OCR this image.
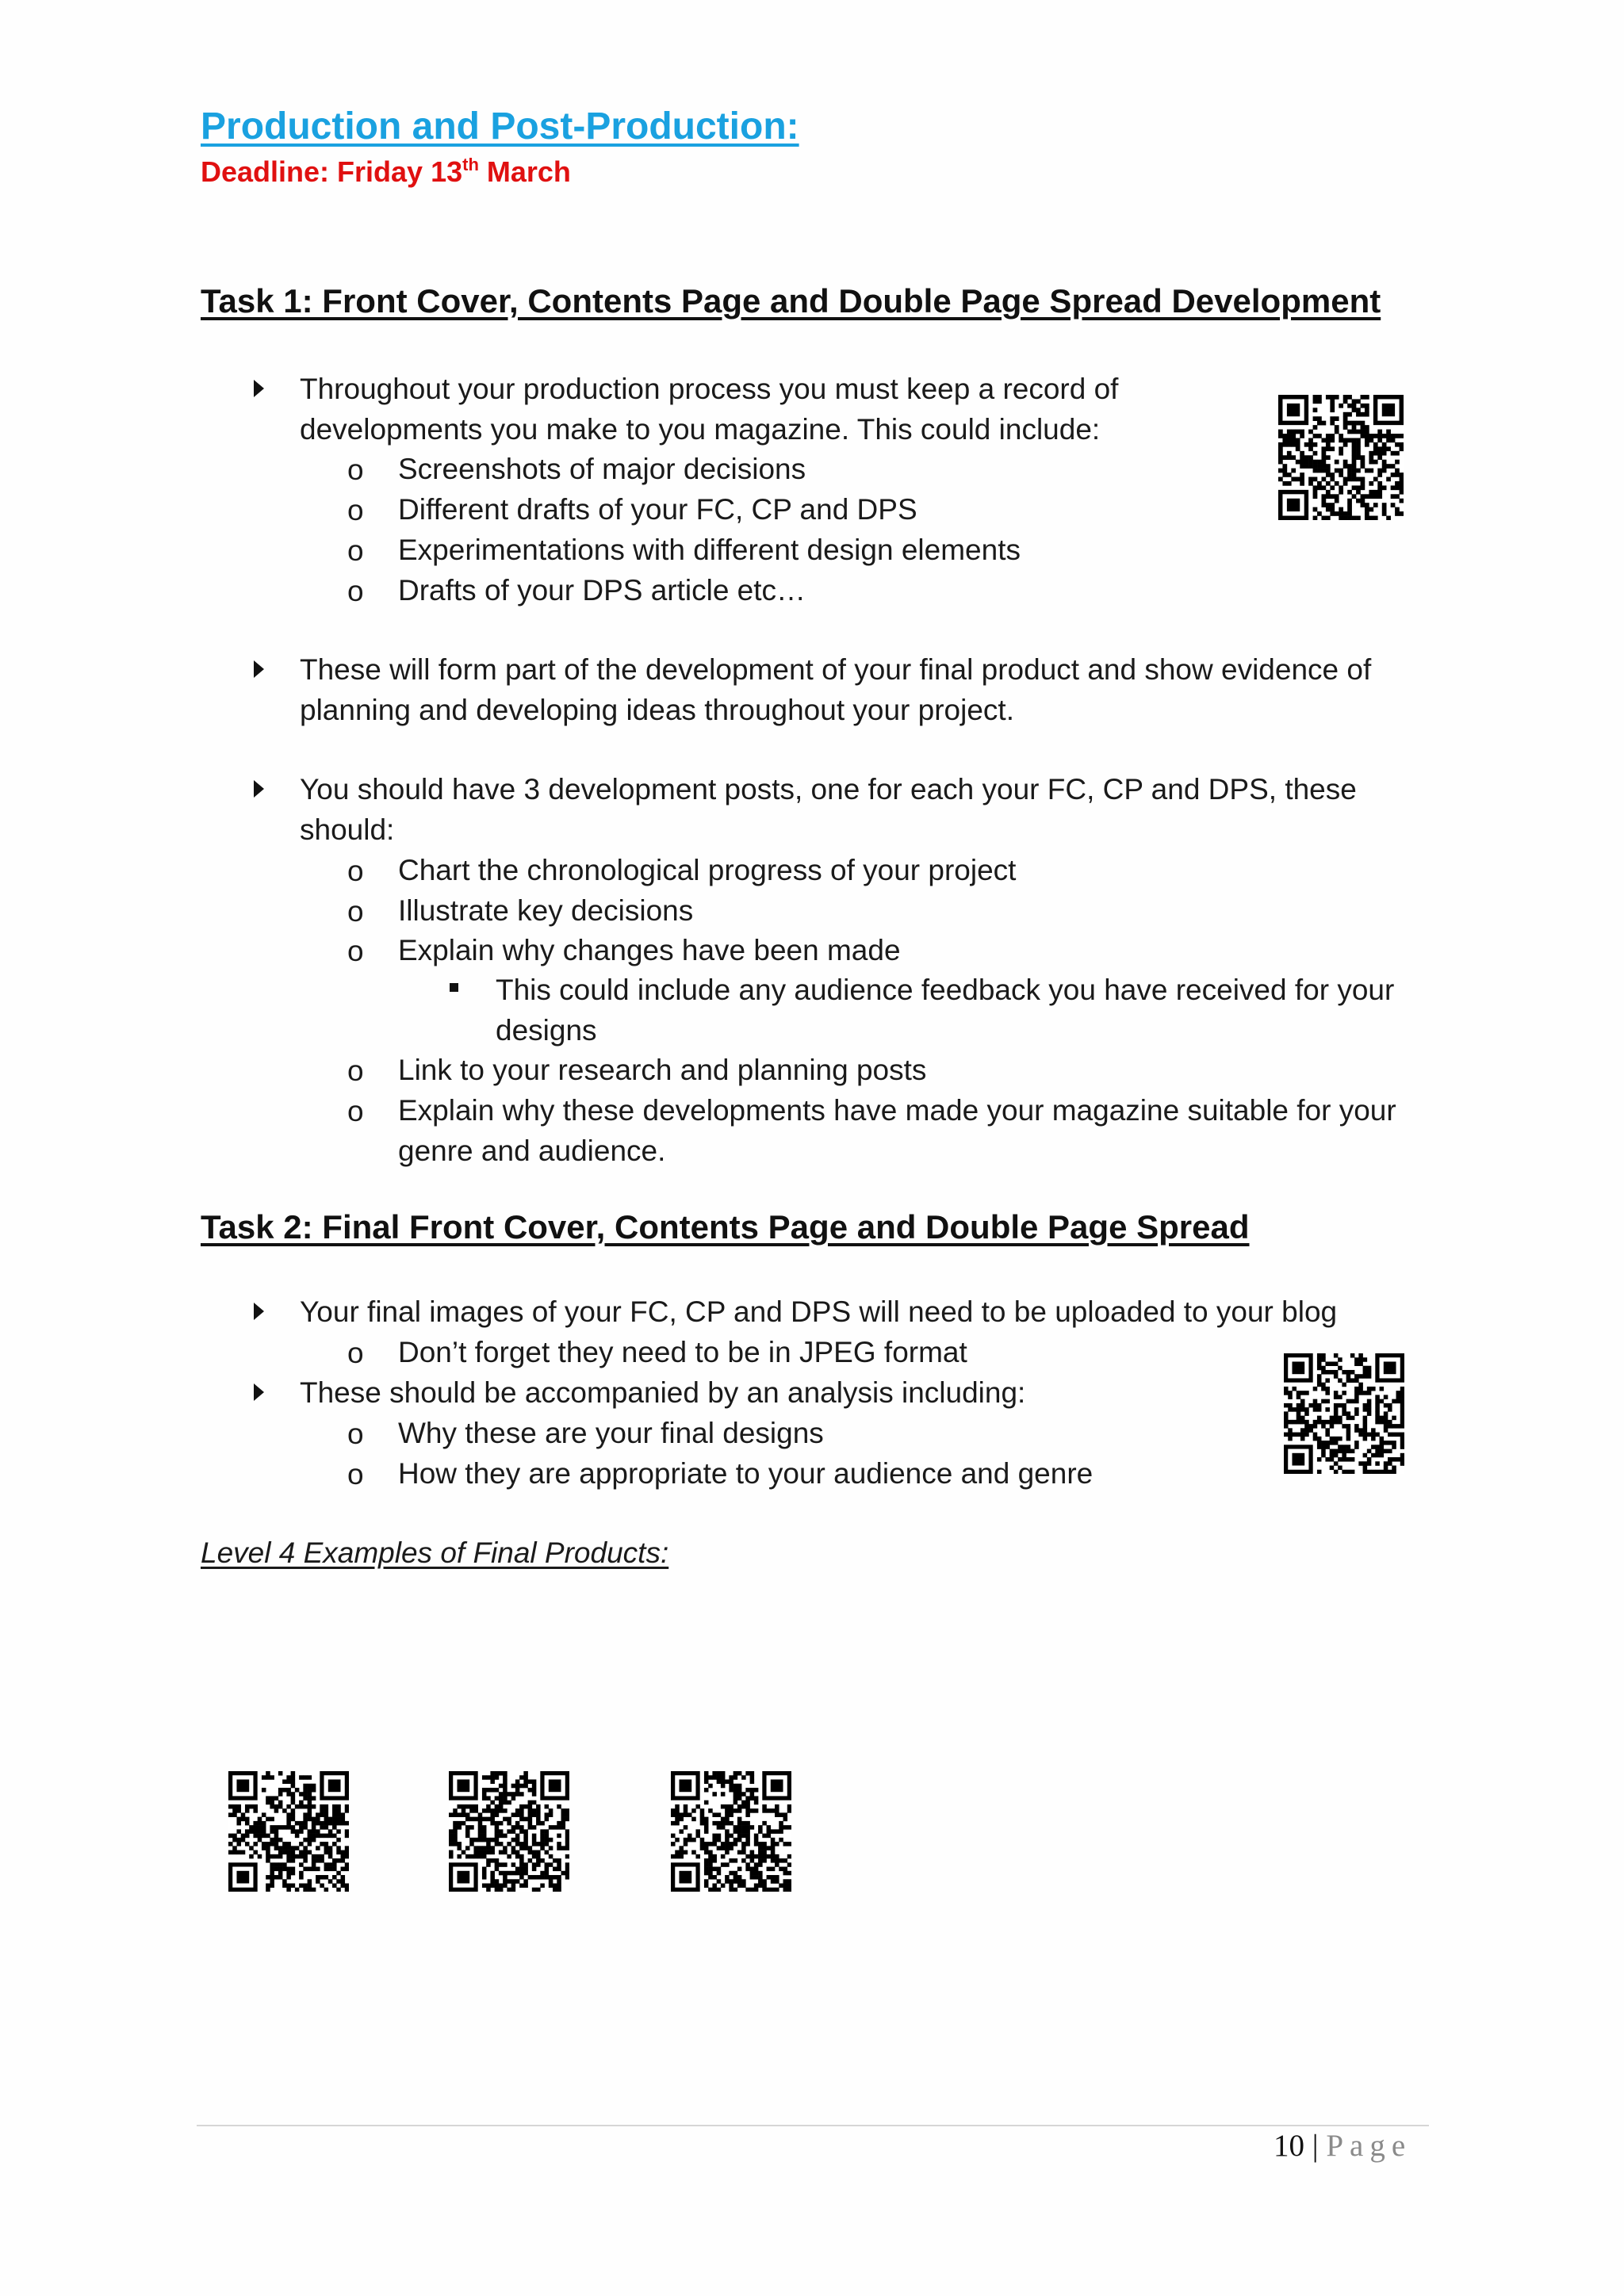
Production and Post-Production:
Deadline: Friday 13th March
Task 1: Front Cover, Contents Page and Double Page Spread Development
Throughout your production process you must keep a record of
developments you make to you magazine. This could include:
o Screenshots of major decisions
o Different drafts of your FC, CP and DPS
o Experimentations with different design elements
o Drafts of your DPS article etc…
These will form part of the development of your final product and show evidence of
planning and developing ideas throughout your project.
You should have 3 development posts, one for each your FC, CP and DPS, these
should:
o Chart the chronological progress of your project
o Illustrate key decisions
o Explain why changes have been made
This could include any audience feedback you have received for your
designs
o Link to your research and planning posts
o Explain why these developments have made your magazine suitable for your
genre and audience.
Task 2: Final Front Cover, Contents Page and Double Page Spread
Your final images of your FC, CP and DPS will need to be uploaded to your blog
o Don’t forget they need to be in JPEG format
These should be accompanied by an analysis including:
o Why these are your final designs
o How they are appropriate to your audience and genre
Level 4 Examples of Final Products:
10 | Page
